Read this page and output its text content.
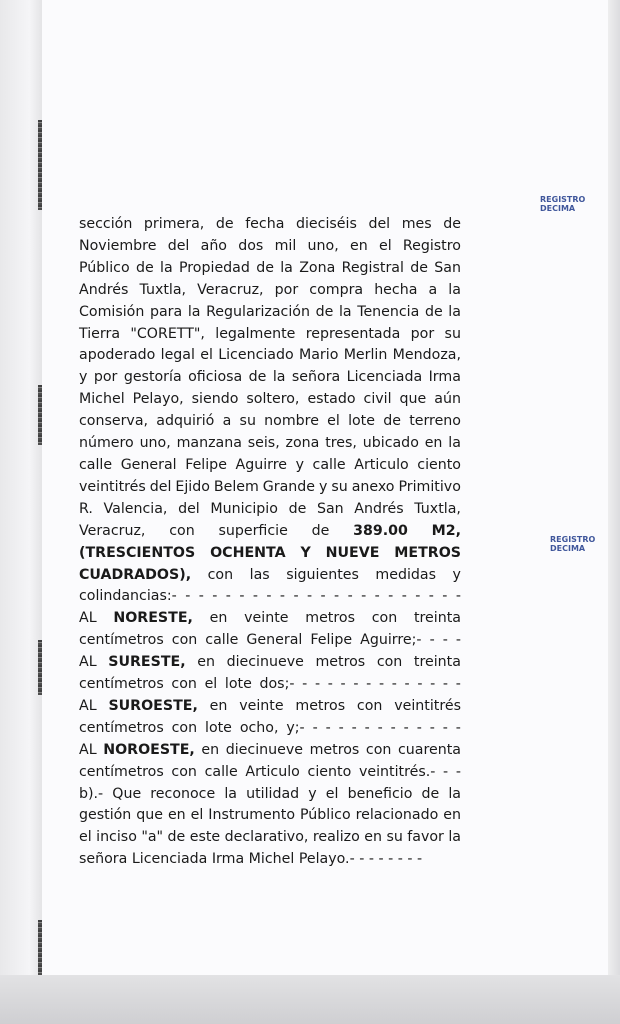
REGISTRO
DECIMA
REGISTRO
DECIMA
sección primera, de fecha dieciséis del mes de
Noviembre del año dos mil uno, en el Registro
Público de la Propiedad de la Zona Registral de San
Andrés Tuxtla, Veracruz, por compra hecha a la
Comisión para la Regularización de la Tenencia de la
Tierra "CORETT", legalmente representada por su
apoderado legal el Licenciado Mario Merlin Mendoza,
y por gestoría oficiosa de la señora Licenciada Irma
Michel Pelayo, siendo soltero, estado civil que aún
conserva, adquirió a su nombre el lote de terreno
número uno, manzana seis, zona tres, ubicado en la
calle General Felipe Aguirre y calle Articulo ciento
veintitrés del Ejido Belem Grande y su anexo Primitivo
R. Valencia, del Municipio de San Andrés Tuxtla,
Veracruz, con superficie de 389.00 M2,
(TRESCIENTOS OCHENTA Y NUEVE METROS
CUADRADOS), con las siguientes medidas y
colindancias:- - - - - - - - - - - - - - - - - - - - - -
AL NORESTE, en veinte metros con treinta
centímetros con calle General Felipe Aguirre;- - - -
AL SURESTE, en diecinueve metros con treinta
centímetros con el lote dos;- - - - - - - - - - - - - -
AL SUROESTE, en veinte metros con veintitrés
centímetros con lote ocho, y;- - - - - - - - - - - - -
AL NOROESTE, en diecinueve metros con cuarenta
centímetros con calle Articulo ciento veintitrés.- - -
b).- Que reconoce la utilidad y el beneficio de la
gestión que en el Instrumento Público relacionado en
el inciso "a" de este declarativo, realizo en su favor la
señora Licenciada Irma Michel Pelayo.- - - - - - - -
